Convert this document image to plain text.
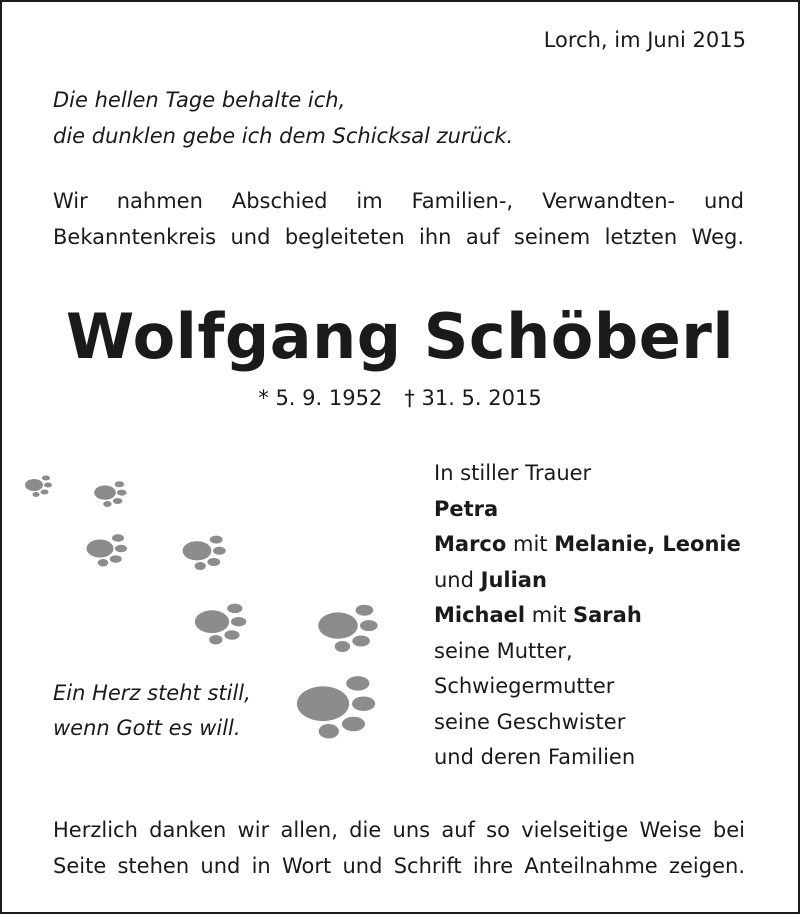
Lorch, im Juni 2015
Die hellen Tage behalte ich,
die dunklen gebe ich dem Schicksal zurück.
Wir nahmen Abschied im Familien-, Verwandten- und
Bekanntenkreis und begleiteten ihn auf seinem letzten Weg.
Wolfgang Schöberl
* 5. 9. 1952 † 31. 5. 2015
In stiller Trauer
Petra
Marco mit Melanie, Leonie
und Julian
Michael mit Sarah
seine Mutter,
Schwiegermutter
seine Geschwister
und deren Familien
Ein Herz steht still,
wenn Gott es will.
Herzlich danken wir allen, die uns auf so vielseitige Weise bei
Seite stehen und in Wort und Schrift ihre Anteilnahme zeigen.
